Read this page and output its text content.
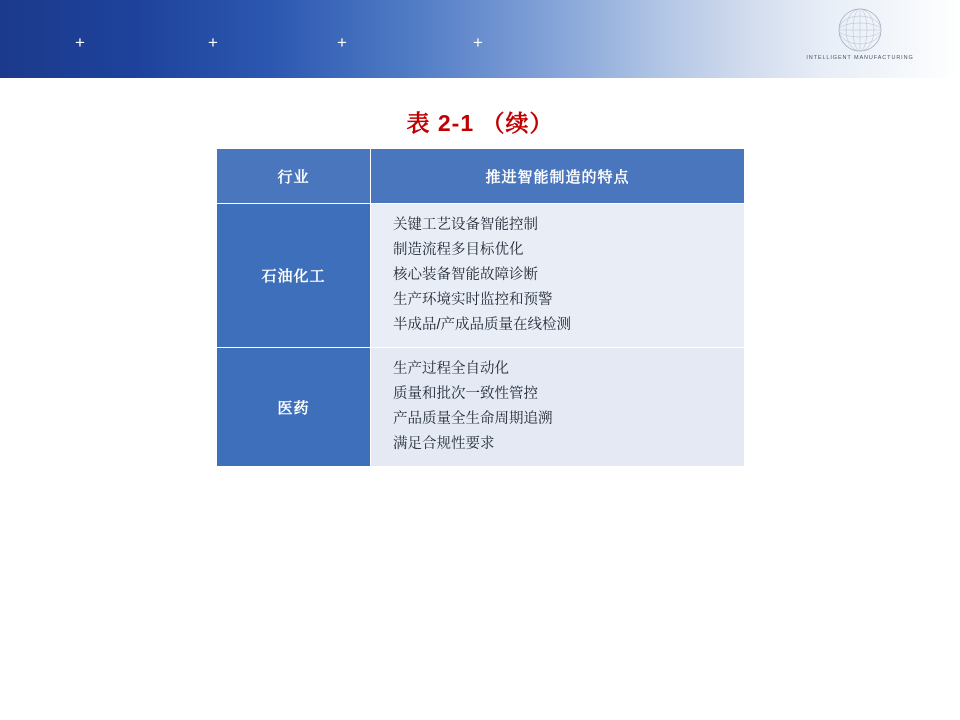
+	+	+	+
INTELLIGENT MANUFACTURING
表 2-1 （续）
行业	推进智能制造的特点
石油化工	关键工艺设备智能控制
制造流程多目标优化
核心装备智能故障诊断
生产环境实时监控和预警
半成品/产成品质量在线检测

医药	生产过程全自动化
质量和批次一致性管控
产品质量全生命周期追溯
满足合规性要求
